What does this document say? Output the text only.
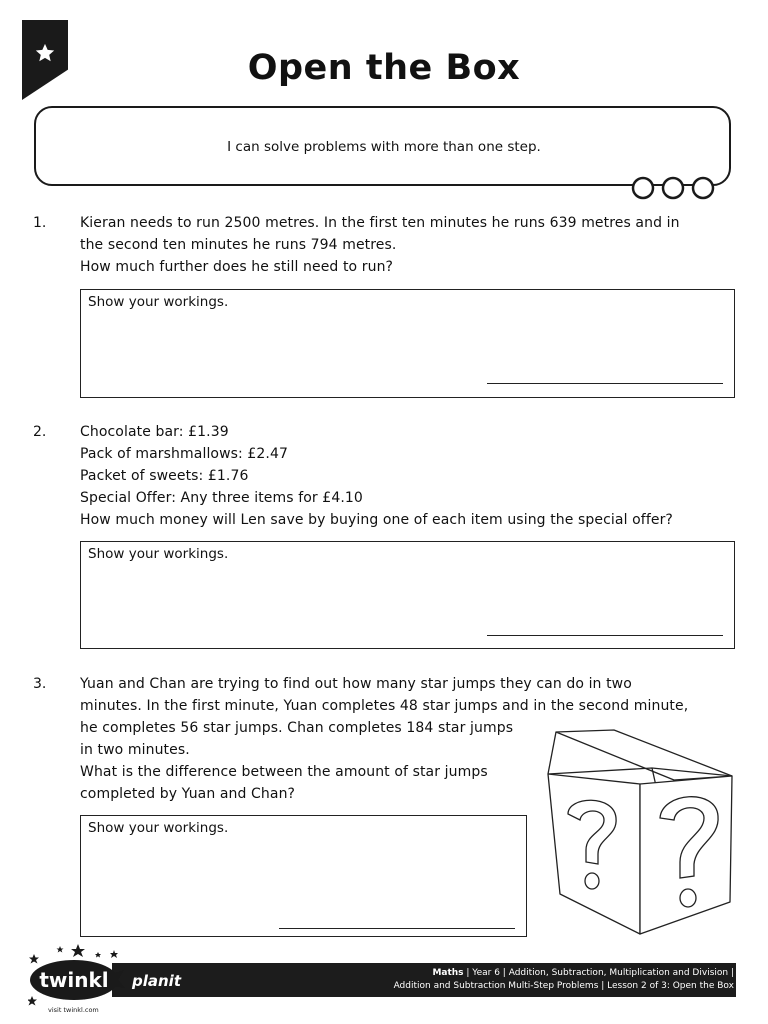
Open the Box
I can solve problems with more than one step.
1. Kieran needs to run 2500 metres. In the first ten minutes he runs 639 metres and in
the second ten minutes he runs 794 metres.
How much further does he still need to run?
Show your workings.
2. Chocolate bar: £1.39
Pack of marshmallows: £2.47
Packet of sweets: £1.76
Special Offer: Any three items for £4.10
How much money will Len save by buying one of each item using the special offer?
Show your workings.
3. Yuan and Chan are trying to find out how many star jumps they can do in two
minutes. In the first minute, Yuan completes 48 star jumps and in the second minute,
he completes 56 star jumps. Chan completes 184 star jumps
in two minutes.
What is the difference between the amount of star jumps
completed by Yuan and Chan?
Show your workings.
Maths | Year 6 | Addition, Subtraction, Multiplication and Division |
Addition and Subtraction Multi-Step Problems | Lesson 2 of 3: Open the Box
twinkl planit
visit twinkl.com
